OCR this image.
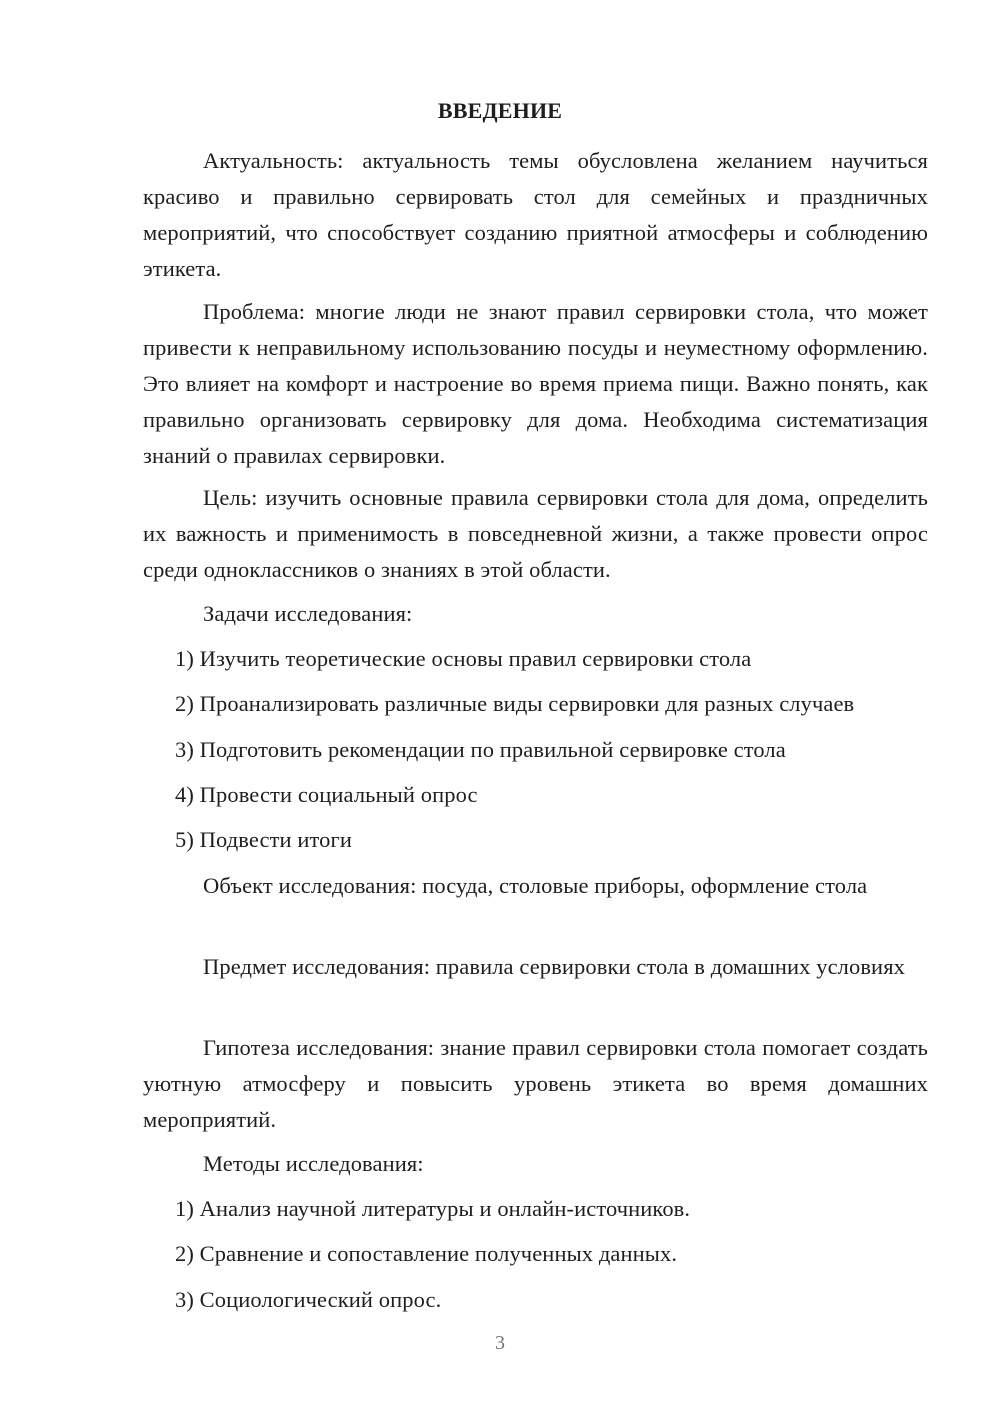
ВВЕДЕНИЕ

Актуальность: актуальность темы обусловлена желанием научиться красиво и правильно сервировать стол для семейных и праздничных мероприятий, что способствует созданию приятной атмосферы и соблюдению этикета.

Проблема: многие люди не знают правил сервировки стола, что может привести к неправильному использованию посуды и неуместному оформлению. Это влияет на комфорт и настроение во время приема пищи. Важно понять, как правильно организовать сервировку для дома. Необходима систематизация знаний о правилах сервировки.

Цель: изучить основные правила сервировки стола для дома, определить их важность и применимость в повседневной жизни, а также провести опрос среди одноклассников о знаниях в этой области.

Задачи исследования:

1) Изучить теоретические основы правил сервировки стола

2) Проанализировать различные виды сервировки для разных случаев

3) Подготовить рекомендации по правильной сервировке стола

4) Провести социальный опрос

5) Подвести итоги

Объект исследования: посуда, столовые приборы, оформление стола

Предмет исследования: правила сервировки стола в домашних условиях

Гипотеза исследования: знание правил сервировки стола помогает создать уютную атмосферу и повысить уровень этикета во время домашних мероприятий.

Методы исследования:

1) Анализ научной литературы и онлайн-источников.

2) Сравнение и сопоставление полученных данных.

3) Социологический опрос.

3
